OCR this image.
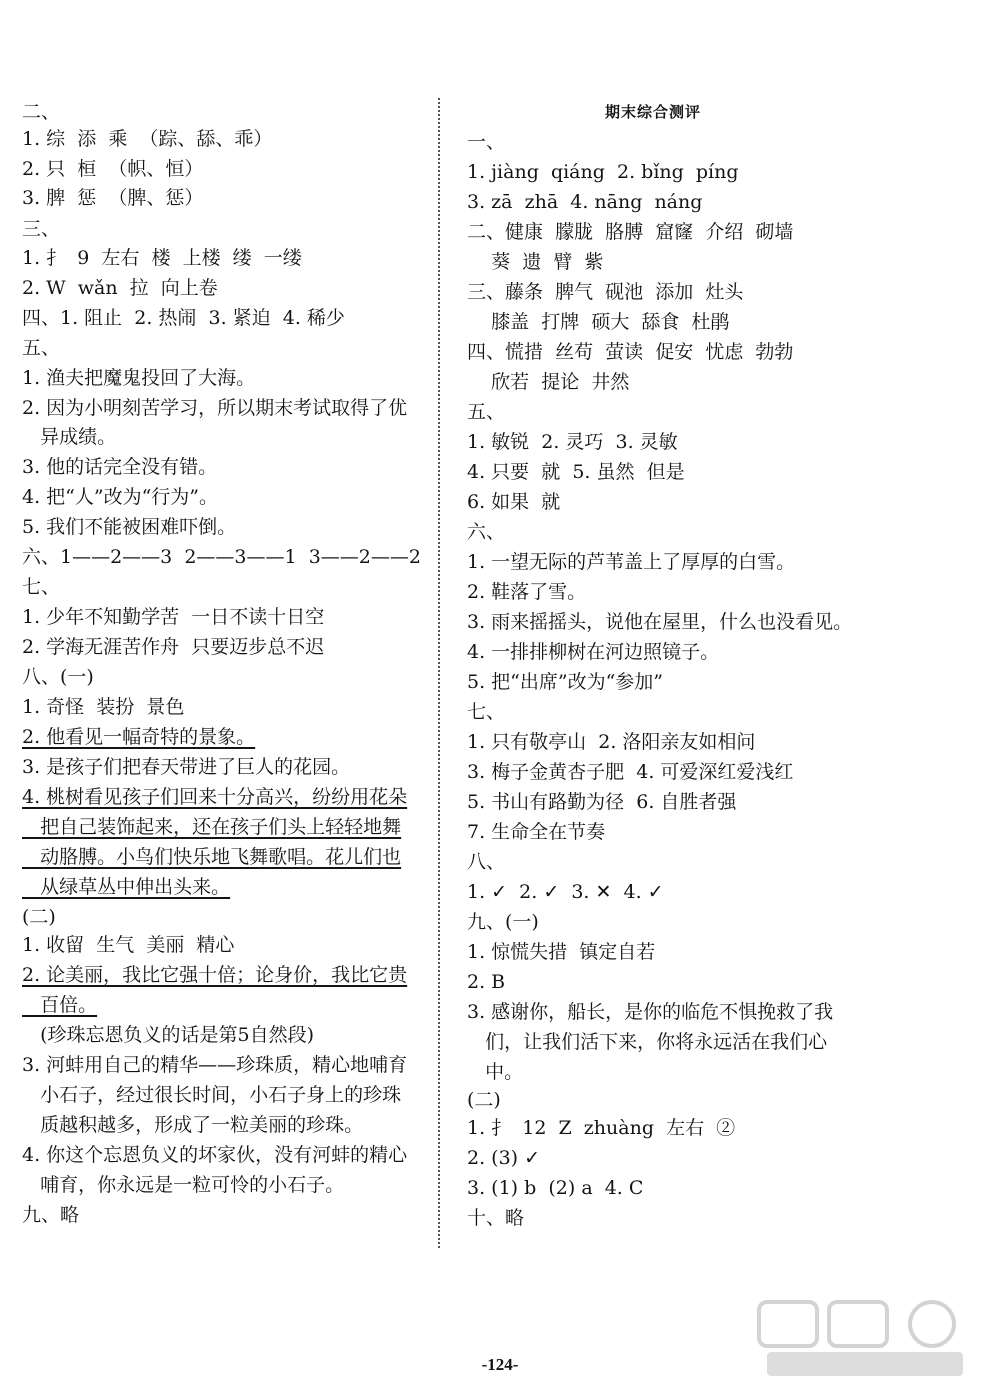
二、
1. 综  添  乘  （踪、舔、乖）
2. 只  桓  （帜、恒）
3. 脾  惩  （脾、惩）
三、
1. 扌  9  左右  楼  上楼  缕  一缕
2. W  wǎn  拉  向上卷
四、1. 阻止  2. 热闹  3. 紧迫  4. 稀少
五、
1. 渔夫把魔鬼投回了大海。
2. 因为小明刻苦学习，所以期末考试取得了优
异成绩。
3. 他的话完全没有错。
4. 把“人”改为“行为”。
5. 我们不能被困难吓倒。
六、1——2——3  2——3——1  3——2——2
七、
1. 少年不知勤学苦  一日不读十日空
2. 学海无涯苦作舟  只要迈步总不迟
八、(一)
1. 奇怪  装扮  景色
2. 他看见一幅奇特的景象。
3. 是孩子们把春天带进了巨人的花园。
4. 桃树看见孩子们回来十分高兴，纷纷用花朵
把自己装饰起来，还在孩子们头上轻轻地舞
动胳膊。小鸟们快乐地飞舞歌唱。花儿们也
从绿草丛中伸出头来。
(二)
1. 收留  生气  美丽  精心
2. 论美丽，我比它强十倍；论身价，我比它贵
百倍。
(珍珠忘恩负义的话是第5自然段)
3. 河蚌用自己的精华——珍珠质，精心地哺育
小石子，经过很长时间，小石子身上的珍珠
质越积越多，形成了一粒美丽的珍珠。
4. 你这个忘恩负义的坏家伙，没有河蚌的精心
哺育，你永远是一粒可怜的小石子。
九、略
期末综合测评
一、
1. jiàng  qiáng  2. bǐng  píng
3. zā  zhā  4. nāng  náng
二、健康  朦胧  胳膊  窟窿  介绍  砌墙
葵  遗  臂  紫
三、藤条  脾气  砚池  添加  灶头
膝盖  打牌  硕大  舔食  杜鹃
四、慌措  丝苟  萤读  促安  忧虑  勃勃
欣若  提论  井然
五、
1. 敏锐  2. 灵巧  3. 灵敏
4. 只要  就  5. 虽然  但是
6. 如果  就
六、
1. 一望无际的芦苇盖上了厚厚的白雪。
2. 鞋落了雪。
3. 雨来摇摇头，说他在屋里，什么也没看见。
4. 一排排柳树在河边照镜子。
5. 把“出席”改为“参加”
七、
1. 只有敬亭山  2. 洛阳亲友如相问
3. 梅子金黄杏子肥  4. 可爱深红爱浅红
5. 书山有路勤为径  6. 自胜者强
7. 生命全在节奏
八、
1. ✓  2. ✓  3. ✕  4. ✓
九、(一)
1. 惊慌失措  镇定自若
2. B
3. 感谢你，船长，是你的临危不惧挽救了我
们，让我们活下来，你将永远活在我们心
中。
(二)
1. 扌  12  Z  zhuàng  左右  ②
2. (3) ✓
3. (1) b  (2) a  4. C
十、略
-124-
